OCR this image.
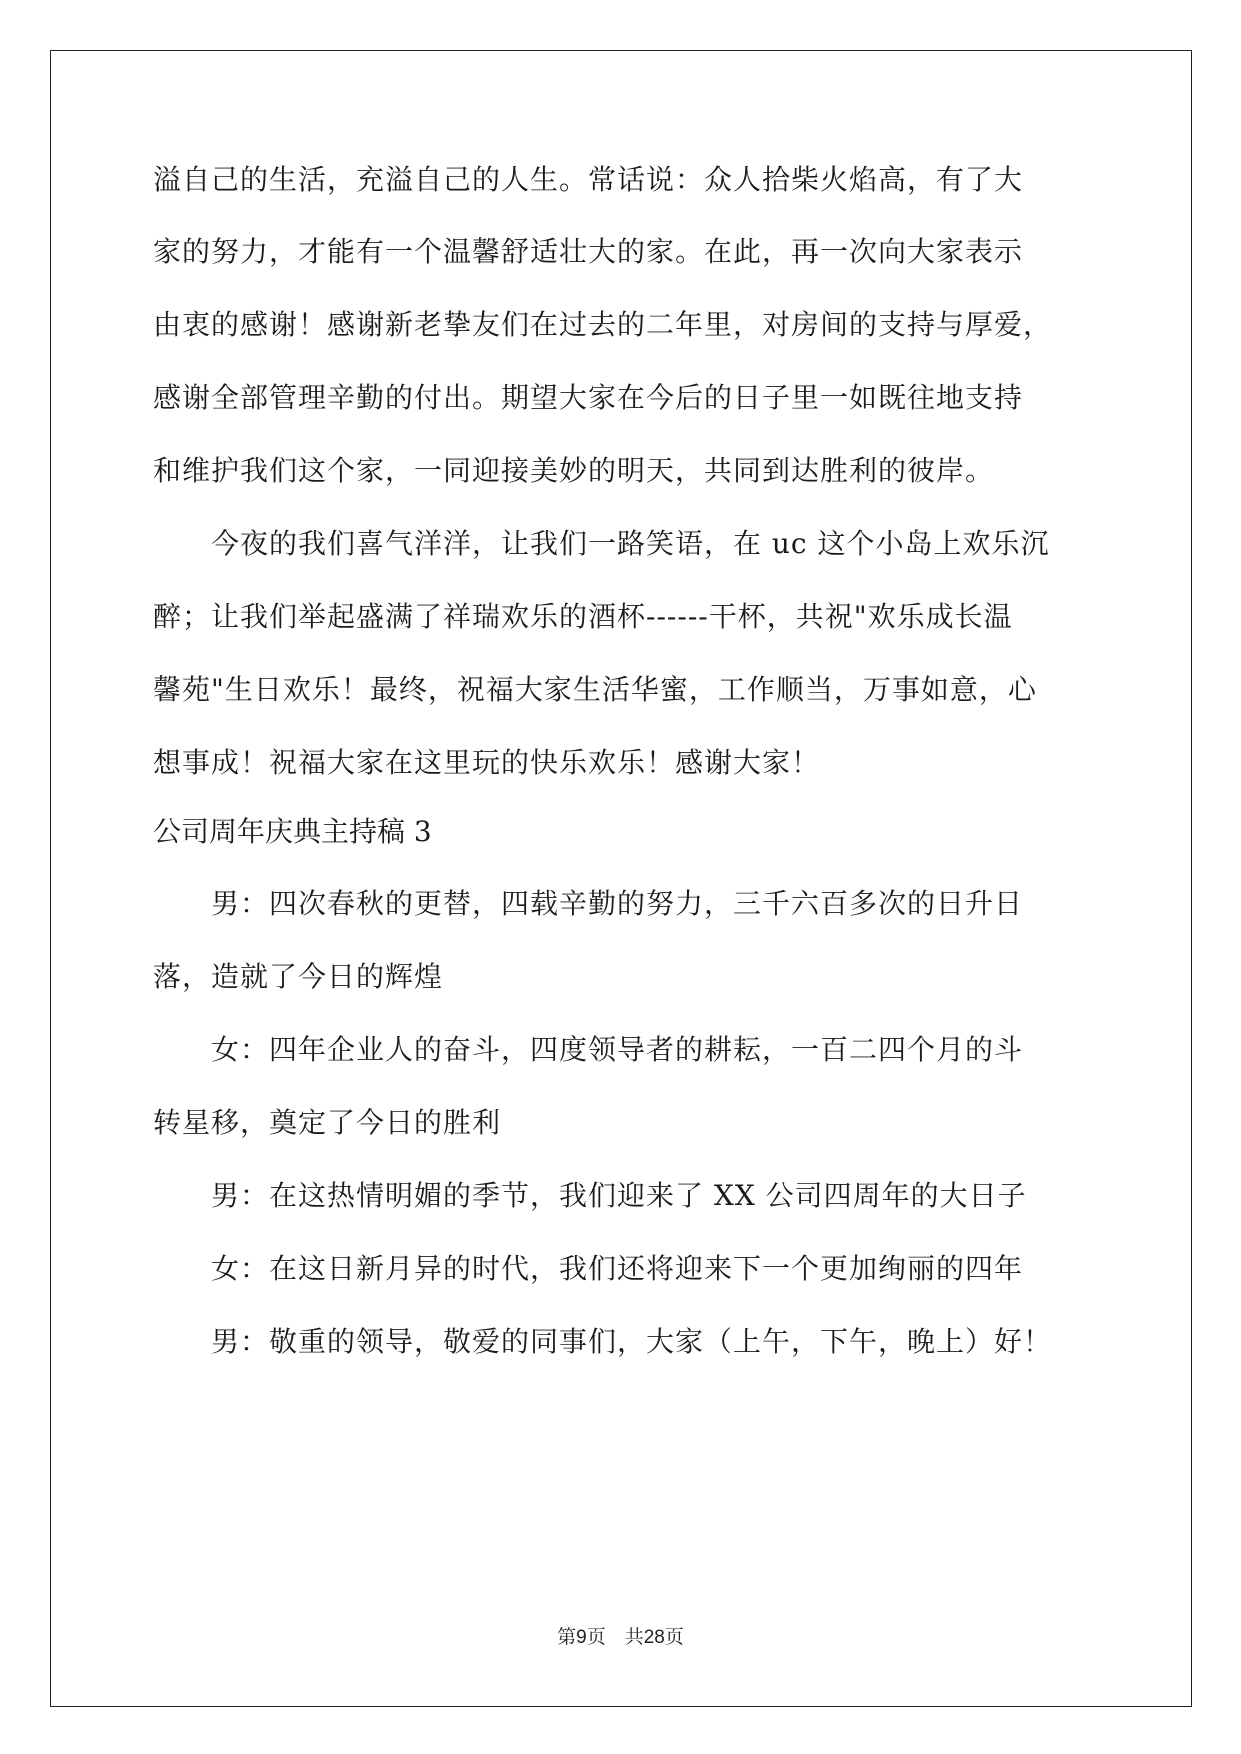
溢自己的生活，充溢自己的人生。常话说：众人拾柴火焰高，有了大
家的努力，才能有一个温馨舒适壮大的家。在此，再一次向大家表示
由衷的感谢！感谢新老挚友们在过去的二年里，对房间的支持与厚爱，
感谢全部管理辛勤的付出。期望大家在今后的日子里一如既往地支持
和维护我们这个家，一同迎接美妙的明天，共同到达胜利的彼岸。
　　今夜的我们喜气洋洋，让我们一路笑语，在 uc 这个小岛上欢乐沉
醉；让我们举起盛满了祥瑞欢乐的酒杯------干杯，共祝"欢乐成长温
馨苑"生日欢乐！最终，祝福大家生活华蜜，工作顺当，万事如意，心
想事成！祝福大家在这里玩的快乐欢乐！感谢大家！
公司周年庆典主持稿 3
　　男：四次春秋的更替，四载辛勤的努力，三千六百多次的日升日
落，造就了今日的辉煌
　　女：四年企业人的奋斗，四度领导者的耕耘，一百二四个月的斗
转星移，奠定了今日的胜利
　　男：在这热情明媚的季节，我们迎来了 XX 公司四周年的大日子
　　女：在这日新月异的时代，我们还将迎来下一个更加绚丽的四年
　　男：敬重的领导，敬爱的同事们，大家（上午，下午，晚上）好！
第9页　 共28页
